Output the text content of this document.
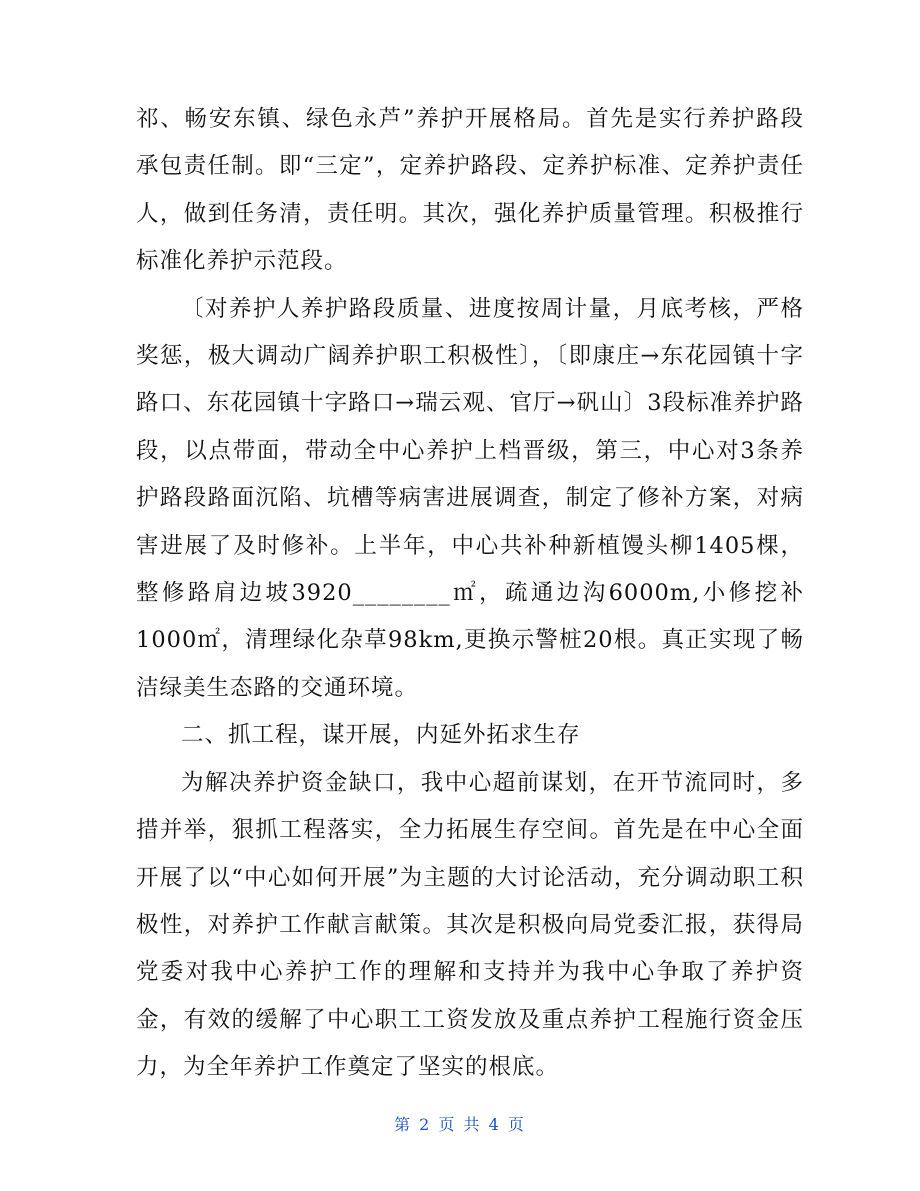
祁、畅安东镇、绿色永芦”养护开展格局。首先是实行养护路段承包责任制。即“三定”，定养护路段、定养护标准、定养护责任人，做到任务清，责任明。其次，强化养护质量管理。积极推行标准化养护示范段。

〔对养护人养护路段质量、进度按周计量，月底考核，严格奖惩，极大调动广阔养护职工积极性〕，〔即康庄→东花园镇十字路口、东花园镇十字路口→瑞云观、官厅→矾山〕3段标准养护路段，以点带面，带动全中心养护上档晋级，第三，中心对3条养护路段路面沉陷、坑槽等病害进展调查，制定了修补方案，对病害进展了及时修补。上半年，中心共补种新植馒头柳1405棵，整修路肩边坡3920________㎡，疏通边沟6000m,小修挖补1000㎡，清理绿化杂草98km,更换示警桩20根。真正实现了畅洁绿美生态路的交通环境。

二、抓工程，谋开展，内延外拓求生存

为解决养护资金缺口，我中心超前谋划，在开节流同时，多措并举，狠抓工程落实，全力拓展生存空间。首先是在中心全面开展了以“中心如何开展”为主题的大讨论活动，充分调动职工积极性，对养护工作献言献策。其次是积极向局党委汇报，获得局党委对我中心养护工作的理解和支持并为我中心争取了养护资金，有效的缓解了中心职工工资发放及重点养护工程施行资金压力，为全年养护工作奠定了坚实的根底。

第 2 页 共 4 页
